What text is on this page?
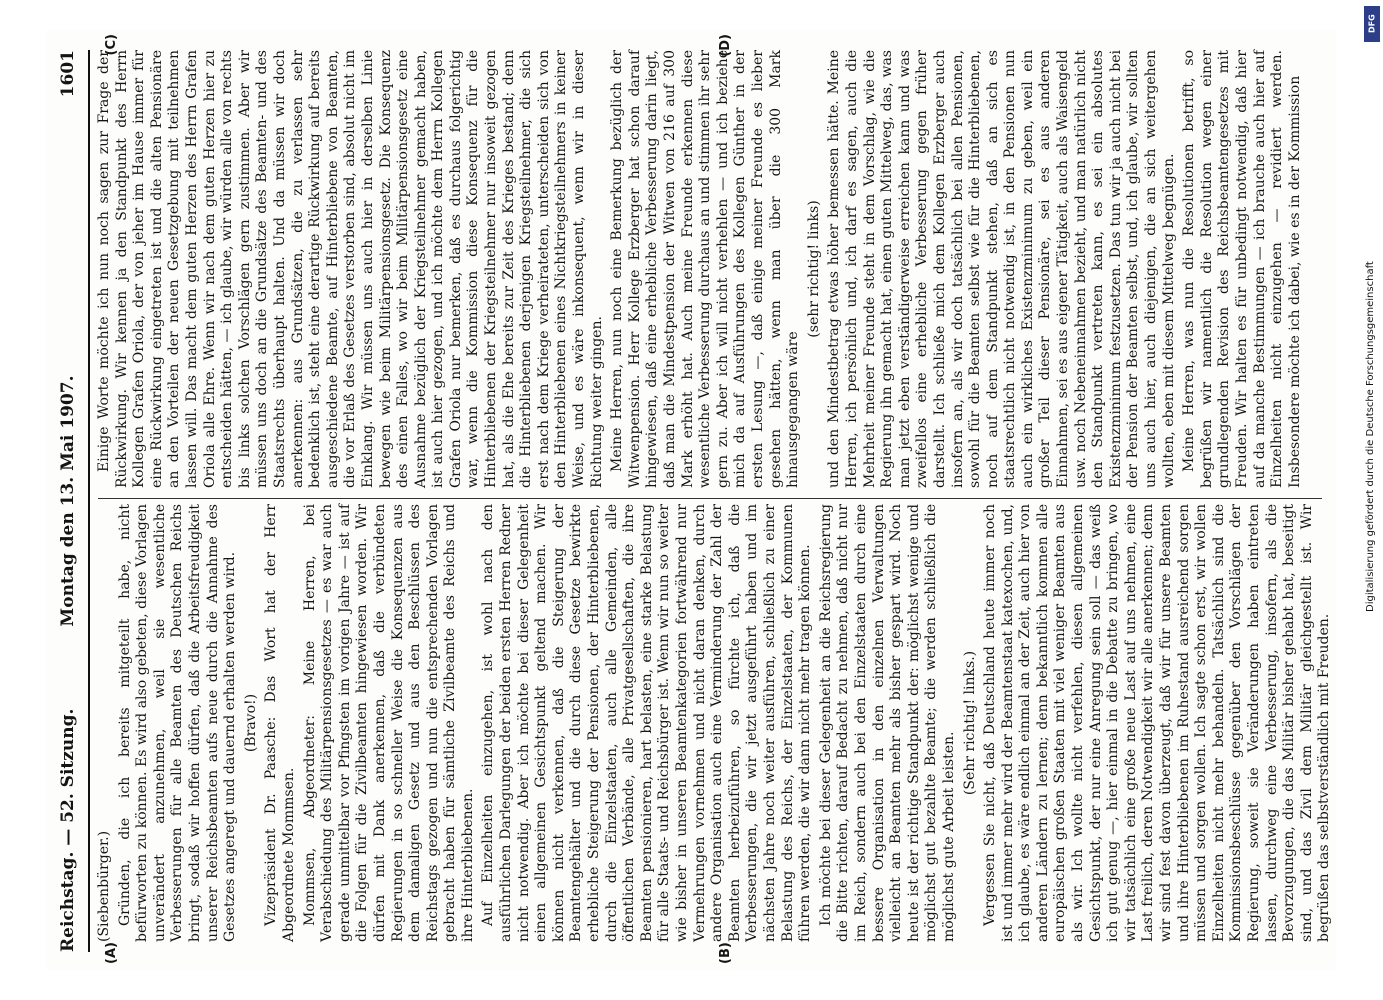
Reichstag. — 52. Sitzung.
Montag den 13. Mai 1907.
1601
(A)	(B)
(C)	(D)

(Siebenbürger.) Gründen, die ich bereits mitgeteilt habe, nicht befürworten zu können. Es wird also gebeten, diese Vorlagen unverändert anzunehmen, weil sie wesentliche Verbesserungen für alle Beamten des Deutschen Reichs bringt, sodaß wir hoffen dürfen, daß die Arbeitsfreudigkeit unserer Reichsbeamten aufs neue durch die Annahme des Gesetzes angeregt und dauernd erhalten werden wird. (Bravo!) Vizepräsident Dr. Paasche: Das Wort hat der Herr Abgeordnete Mommsen. Mommsen, Abgeordneter: Meine Herren, bei Verabschiedung des Militärpensionsgesetzes — es war auch gerade unmittelbar vor Pfingsten im vorigen Jahre — ist auf die Folgen für die Zivilbeamten hingewiesen worden. Wir dürfen mit Dank anerkennen, daß die verbündeten Regierungen in so schneller Weise die Konsequenzen aus dem damaligen Gesetz und aus den Beschlüssen des Reichstags gezogen und nun die entsprechenden Vorlagen gebracht haben für sämtliche Zivilbeamte des Reichs und ihre Hinterbliebenen. Auf Einzelheiten einzugehen, ist wohl nach den ausführlichen Darlegungen der beiden ersten Herren Redner nicht notwendig. Aber ich möchte bei dieser Gelegenheit einen allgemeinen Gesichtspunkt geltend machen. Wir können nicht verkennen, daß die Steigerung der Beamtengehälter und die durch diese Gesetze bewirkte erhebliche Steigerung der Pensionen, der Hinterbliebenen, durch die Einzelstaaten, auch alle Gemeinden, alle öffentlichen Verbände, alle Privatgesellschaften, die ihre Beamten pensionieren, hart belasten, eine starke Belastung für alle Staats- und Reichsbürger ist. Wenn wir nun so weiter wie bisher in unseren Beamtenkategorien fortwährend nur Vermehrungen vornehmen und nicht daran denken, durch andere Organisation auch eine Verminderung der Zahl der Beamten herbeizuführen, so fürchte ich, daß die Verbesserungen, die wir jetzt ausgeführt haben und im nächsten Jahre noch weiter ausführen, schließlich zu einer Belastung des Reichs, der Einzelstaaten, der Kommunen führen werden, die wir dann nicht mehr tragen können. Ich möchte bei dieser Gelegenheit an die Reichsregierung die Bitte richten, darauf Bedacht zu nehmen, daß nicht nur im Reich, sondern auch bei den Einzelstaaten durch eine bessere Organisation in den einzelnen Verwaltungen vielleicht an Beamten mehr als bisher gespart wird. Noch heute ist der richtige Standpunkt der: möglichst wenige und möglichst gut bezahlte Beamte; die werden schließlich die möglichst gute Arbeit leisten.

(Sehr richtig! links.) Vergessen Sie nicht, daß Deutschland heute immer noch ist und immer mehr wird der Beamtenstaat katexochen, und, ich glaube, es wäre endlich einmal an der Zeit, auch hier von anderen Ländern zu lernen; denn bekanntlich kommen alle europäischen großen Staaten mit viel weniger Beamten aus als wir. Ich wollte nicht verfehlen, diesen allgemeinen Gesichtspunkt, der nur eine Anregung sein soll — das weiß ich gut genug —, hier einmal in die Debatte zu bringen, wo wir tatsächlich eine große neue Last auf uns nehmen, eine Last freilich, deren Notwendigkeit wir alle anerkennen; denn wir sind fest davon überzeugt, daß wir für unsere Beamten und ihre Hinterbliebenen im Ruhestand ausreichend sorgen müssen und sorgen wollen. Ich sagte schon erst, wir wollen Einzelheiten nicht mehr behandeln. Tatsächlich sind die Kommissionsbeschlüsse gegenüber den Vorschlägen der Regierung, soweit sie Veränderungen haben eintreten lassen, durchweg eine Verbesserung, insofern, als die Bevorzugungen, die das Militär bisher gehabt hat, beseitigt sind, und das Zivil dem Militär gleichgestellt ist. Wir begrüßen das selbstverständlich mit Freuden.

Einige Worte möchte ich nun noch sagen zur Frage der Rückwirkung. Wir kennen ja den Standpunkt des Herrn Kollegen Grafen Oriola, der von jeher im Hause immer für eine Rückwirkung eingetreten ist und die alten Pensionäre an den Vorteilen der neuen Gesetzgebung mit teilnehmen lassen will. Das macht dem guten Herzen des Herrn Grafen Oriola alle Ehre. Wenn wir nach dem guten Herzen hier zu entscheiden hätten, — ich glaube, wir würden alle von rechts bis links solchen Vorschlägen gern zustimmen. Aber wir müssen uns doch an die Grundsätze des Beamten- und des Staatsrechts überhaupt halten. Und da müssen wir doch anerkennen: aus Grundsätzen, die zu verlassen sehr bedenklich ist, steht eine derartige Rückwirkung auf bereits ausgeschiedene Beamte, auf Hinterbliebene von Beamten, die vor Erlaß des Gesetzes verstorben sind, absolut nicht im Einklang. Wir müssen uns auch hier in derselben Linie bewegen wie beim Militärpensionsgesetz. Die Konsequenz des einen Falles, wo wir beim Militärpensionsgesetz eine Ausnahme bezüglich der Kriegsteilnehmer gemacht haben, ist auch hier gezogen, und ich möchte dem Herrn Kollegen Grafen Oriola nur bemerken, daß es durchaus folgerichtig war, wenn die Kommission diese Konsequenz für die Hinterbliebenen der Kriegsteilnehmer nur insoweit gezogen hat, als die Ehe bereits zur Zeit des Krieges bestand; denn die Hinterbliebenen derjenigen Kriegsteilnehmer, die sich erst nach dem Kriege verheirateten, unterscheiden sich von den Hinterbliebenen eines Nichtkriegsteilnehmers in keiner Weise, und es wäre inkonsequent, wenn wir in dieser Richtung weiter gingen. Meine Herren, nun noch eine Bemerkung bezüglich der Witwenpension. Herr Kollege Erzberger hat schon darauf hingewiesen, daß eine erhebliche Verbesserung darin liegt, daß man die Mindestpension der Witwen von 216 auf 300 Mark erhöht hat. Auch meine Freunde erkennen diese wesentliche Verbesserung durchaus an und stimmen ihr sehr gern zu. Aber ich will nicht verhehlen — und ich beziehe mich da auf Ausführungen des Kollegen Günther in der ersten Lesung —, daß einige meiner Freunde es lieber gesehen hätten, wenn man über die 300 Mark hinausgegangen wäre

(sehr richtig! links) und den Mindestbetrag etwas höher bemessen hätte. Meine Herren, ich persönlich und, ich darf es sagen, auch die Mehrheit meiner Freunde steht in dem Vorschlag, wie die Regierung ihn gemacht hat, einen guten Mittelweg, das, was man jetzt eben verständigerweise erreichen kann und was zweifellos eine erhebliche Verbesserung gegen früher darstellt. Ich schließe mich dem Kollegen Erzberger auch insofern an, als wir doch tatsächlich bei allen Pensionen, sowohl für die Beamten selbst wie für die Hinterbliebenen, noch auf dem Standpunkt stehen, daß an sich es staatsrechtlich nicht notwendig ist, in den Pensionen nun auch ein wirkliches Existenzminimum zu geben, weil ein großer Teil dieser Pensionäre, sei es aus anderen Einnahmen, sei es aus eigener Tätigkeit, auch als Waisengeld usw. noch Nebeneinnahmen bezieht, und man natürlich nicht den Standpunkt vertreten kann, es sei ein absolutes Existenzminimum festzusetzen. Das tun wir ja auch nicht bei der Pension der Beamten selbst, und, ich glaube, wir sollten uns auch hier, auch diejenigen, die an sich weitergehen wollten, eben mit diesem Mittelweg begnügen. Meine Herren, was nun die Resolutionen betrifft, so begrüßen wir namentlich die Resolution wegen einer grundlegenden Revision des Reichsbeamtengesetzes mit Freuden. Wir halten es für unbedingt notwendig, daß hier auf da manche Bestimmungen — ich brauche auch hier auf Einzelheiten nicht einzugehen — revidiert werden. Insbesondere möchte ich dabei, wie es in der Kommission

DFG
Digitalisierung gefördert durch die Deutsche Forschungsgemeinschaft
